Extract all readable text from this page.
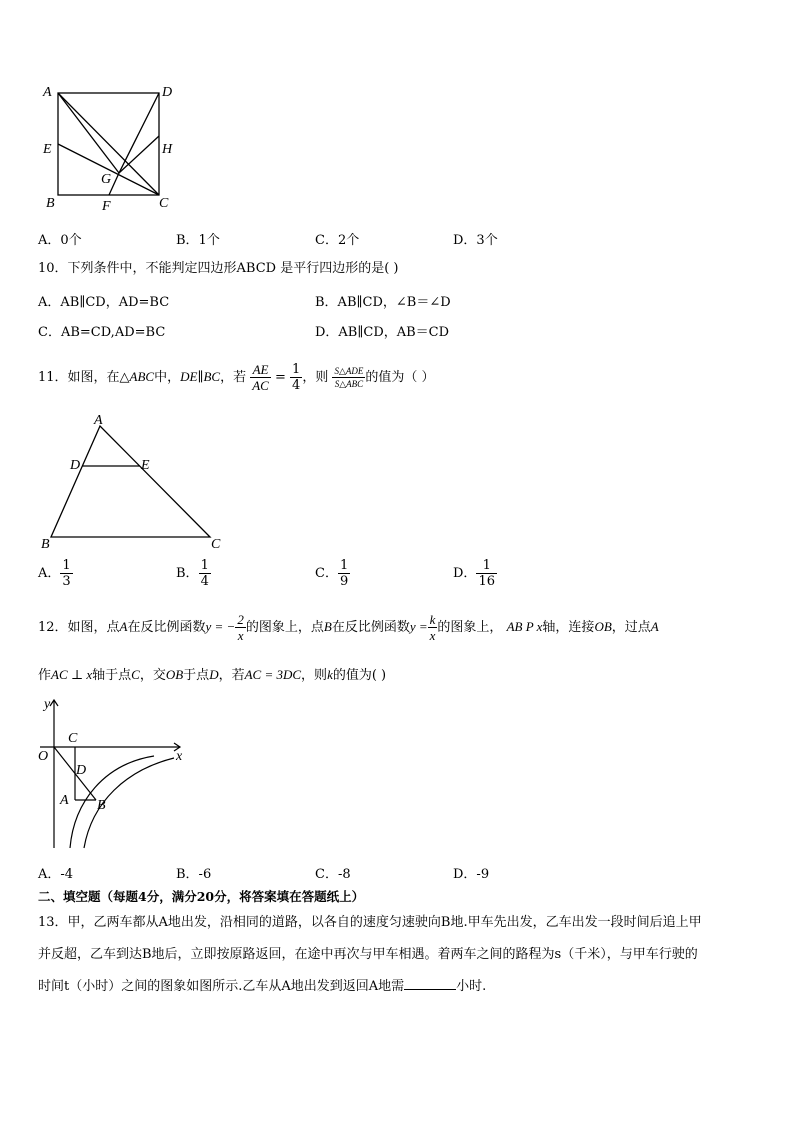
A	D
E	H
G
B	F	C
A．0个	B．1个	C．2个	D．3个
10．下列条件中，不能判定四边形ABCD 是平行四边形的是( )
A．AB∥CD，AD=BC	B．AB∥CD，∠B＝∠D
C．AB=CD,AD=BC	D．AB∥CD，AB＝CD
11．如图，在△ABC中，DE∥BC，若 $\frac{AE}{AC} = \frac{1}{4}$ ，则 $\frac{\text{S△ADE}}{\text{S△ABC}}$ 的值为（ ）
A
D	E
B	C
A． $\frac{1}{3}$	B． $\frac{1}{4}$	C． $\frac{1}{9}$	D． $\frac{1}{16}$
12．如图，点A在反比例函数y = − $\frac{2}{x}$ 的图象上，点B在反比例函数$y = \frac{k}{x}$ 的图象上， AB P x轴，连接OB，过点A
作AC ⊥ x轴于点C，交OB于点D，若AC = 3DC，则k的值为( )
y
x
O
C
D
A B
A．-4	B．-6	C．-8	D．-9
二、填空题（每题4分，满分20分，将答案填在答题纸上）
13．甲，乙两车都从A地出发，沿相同的道路，以各自的速度匀速驶向B地.甲车先出发，乙车出发一段时间后追上甲
并反超，乙车到达B地后，立即按原路返回，在途中再次与甲车相遇。着两车之间的路程为s（千米），与甲车行驶的
时间t（小时）之间的图象如图所示.乙车从A地出发到返回A地需	小时.
